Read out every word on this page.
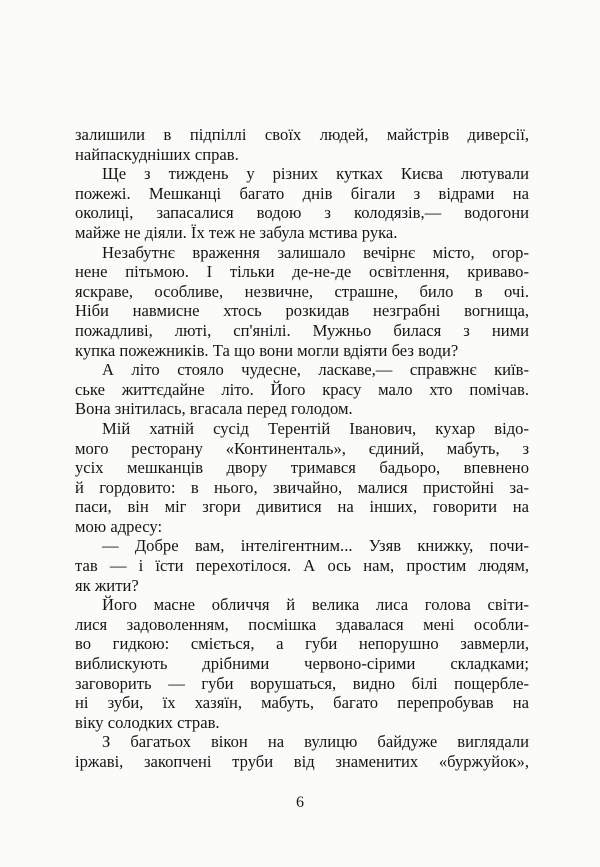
залишили в підпіллі своїх людей, майстрів диверсії,
найпаскудніших справ.
Ще з тиждень у різних кутках Києва лютували
пожежі. Мешканці багато днів бігали з відрами на
околиці, запасалися водою з колодязів,— водогони
майже не діяли. Їх теж не забула мстива рука.
Незабутнє враження залишало вечірнє місто, огор-
нене пітьмою. І тільки де-не-де освітлення, криваво-
яскраве, особливе, незвичне, страшне, било в очі.
Ніби навмисне хтось розкидав незграбні вогнища,
пожадливі, люті, сп'янілі. Мужньо билася з ними
купка пожежників. Та що вони могли вдіяти без води?
А літо стояло чудесне, ласкаве,— справжнє київ-
ське життєдайне літо. Його красу мало хто помічав.
Вона знітилась, вгасала перед голодом.
Мій хатній сусід Терентій Іванович, кухар відо-
мого ресторану «Континенталь», єдиний, мабуть, з
усіх мешканців двору тримався бадьоро, впевнено
й гордовито: в нього, звичайно, малися пристойні за-
паси, він міг згори дивитися на інших, говорити на
мою адресу:
— Добре вам, інтелігентним... Узяв книжку, почи-
тав — і їсти перехотілося. А ось нам, простим людям,
як жити?
Його масне обличчя й велика лиса голова світи-
лися задоволенням, посмішка здавалася мені особли-
во гидкою: сміється, а губи непорушно завмерли,
виблискують дрібними червоно-сірими складками;
заговорить — губи ворушаться, видно білі пощербле-
ні зуби, їх хазяїн, мабуть, багато перепробував на
віку солодких страв.
З багатьох вікон на вулицю байдуже виглядали
іржаві, закопчені труби від знаменитих «буржуйок»,
6
